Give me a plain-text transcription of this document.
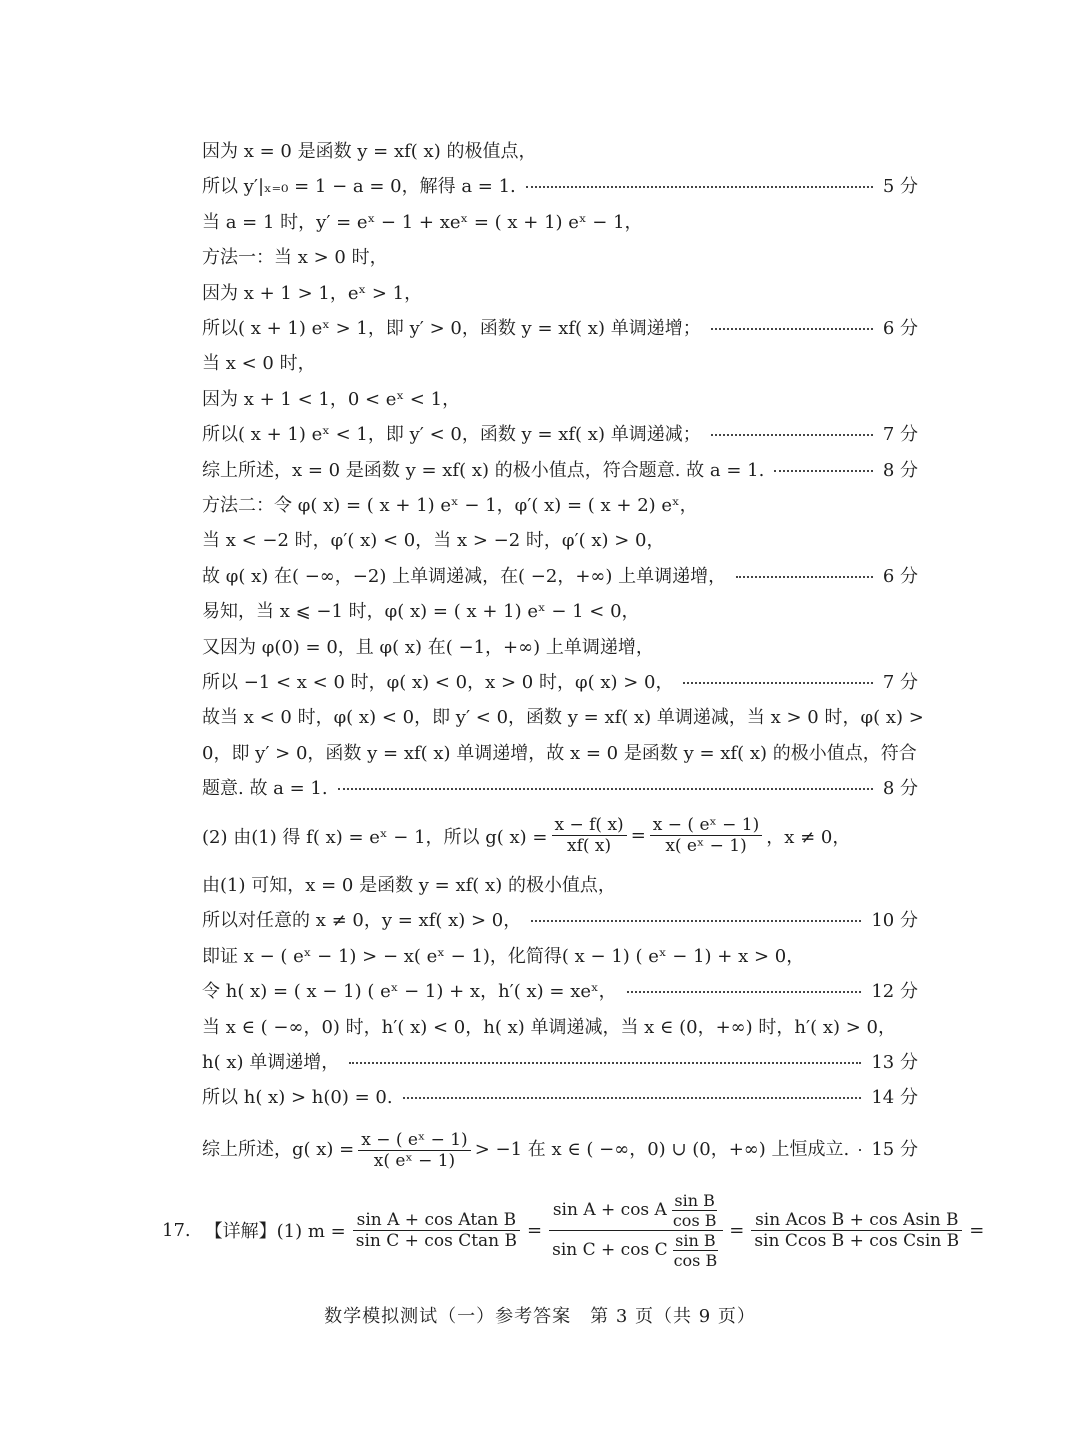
因为 x = 0 是函数 y = xf( x) 的极值点，
所以 y′|ₓ₌₀ = 1 − a = 0，解得 a = 1.	5 分
当 a = 1 时，y′ = eˣ − 1 + xeˣ = ( x + 1) eˣ − 1，
方法一：当 x > 0 时，
因为 x + 1 > 1，eˣ > 1，
所以( x + 1) eˣ > 1，即 y′ > 0，函数 y = xf( x) 单调递增；	6 分
当 x < 0 时，
因为 x + 1 < 1，0 < eˣ < 1，
所以( x + 1) eˣ < 1，即 y′ < 0，函数 y = xf( x) 单调递减；	7 分
综上所述，x = 0 是函数 y = xf( x) 的极小值点，符合题意. 故 a = 1.	8 分
方法二：令 φ( x) = ( x + 1) eˣ − 1，φ′( x) = ( x + 2) eˣ，
当 x < −2 时，φ′( x) < 0，当 x > −2 时，φ′( x) > 0，
故 φ( x) 在( −∞，−2) 上单调递减，在( −2，+∞) 上单调递增，	6 分
易知，当 x ⩽ −1 时，φ( x) = ( x + 1) eˣ − 1 < 0，
又因为 φ(0) = 0，且 φ( x) 在( −1，+∞) 上单调递增，
所以 −1 < x < 0 时，φ( x) < 0，x > 0 时，φ( x) > 0，	7 分
故当 x < 0 时，φ( x) < 0，即 y′ < 0，函数 y = xf( x) 单调递减，当 x > 0 时，φ( x) >
0，即 y′ > 0，函数 y = xf( x) 单调递增，故 x = 0 是函数 y = xf( x) 的极小值点，符合
题意. 故 a = 1.	8 分
(2) 由(1) 得 f( x) = eˣ − 1，所以 g( $x) = \frac{x - f( x)}{xf( x)} = \frac{\text{x − ( eˣ − 1)}}{\text{x( eˣ − 1)}}$ ，x ≠ 0，
由(1) 可知，x = 0 是函数 y = xf( x) 的极小值点，
所以对任意的 x ≠ 0，y = xf( x) > 0，	10 分
即证 x − ( eˣ − 1) > − x( eˣ − 1)，化简得( x − 1) ( eˣ − 1) + x > 0，
令 h( x) = ( x − 1) ( eˣ − 1) + x，h′( x) = xeˣ，	12 分
当 x ∈ ( −∞，0) 时，h′( x) < 0，h( x) 单调递减，当 x ∈ (0，+∞) 时，h′( x) > 0，
h( x) 单调递增，	13 分
所以 h( x) > h(0) = 0.	14 分
综上所述，g( $x) = \frac{\text{x − ( eˣ − 1)}}{\text{x( eˣ − 1)}} > -1$ 在 x ∈ ( −∞，0) ∪ (0，+∞) 上恒成立. 15 分
17. 【详解】(1) $m = \frac{\text{sin A + cos Atan B}}{\text{sin C + cos Ctan B}} = \sin A + \cos A$ sin B
cos B
sin C + cos C sin B
$\cos B = \frac{\text{sin Acos B + cos Asin B}}{\text{sin Ccos B + cos Csin B}}$ =
数学模拟测试（一）参考答案　第 3 页（共 9 页）
